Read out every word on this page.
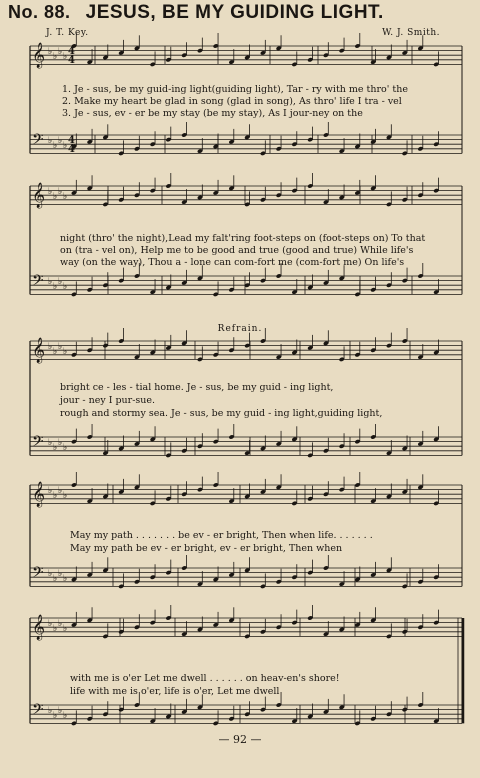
No. 88. JESUS, BE MY GUIDING LIGHT.
J. T. Key.	W. J. Smith.
𝄞 ♭ ♭ ♭ ♭
𝄢 ♭ ♭ ♭ ♭
4
4
4
4
𝄞 ♭ ♭ ♭ ♭
𝄢 ♭ ♭ ♭ ♭
𝄞 ♭ ♭ ♭ ♭
𝄢 ♭ ♭ ♭ ♭
𝄞 ♭ ♭ ♭ ♭
𝄢 ♭ ♭ ♭ ♭
𝄞 ♭ ♭ ♭ ♭
𝄢 ♭ ♭ ♭ ♭
1. Je - sus, be my guid-ing light(guiding light), Tar - ry with me thro' the
2. Make my heart be glad in song (glad in song), As thro' life I tra - vel
3. Je - sus, ev - er be my stay (be my stay), As I jour-ney on the
night (thro' the night),Lead my falt'ring foot-steps on (foot-steps on) To that
on (tra - vel on), Help me to be good and true (good and true) While life's
way (on the way), Thou a - lone can com-fort me (com-fort me) On life's
Refrain.
bright ce - les - tial home. Je - sus, be my guid - ing light,
jour - ney I pur-sue.
rough and stormy sea. Je - sus, be my guid - ing light,guiding light,
May my path . . . . . . . be ev - er bright, Then when life. . . . . . .
May my path be ev - er bright, ev - er bright, Then when
with me is o'er Let me dwell . . . . . . on heav-en's shore!
life with me is o'er, life is o'er, Let me dwell
— 92 —
